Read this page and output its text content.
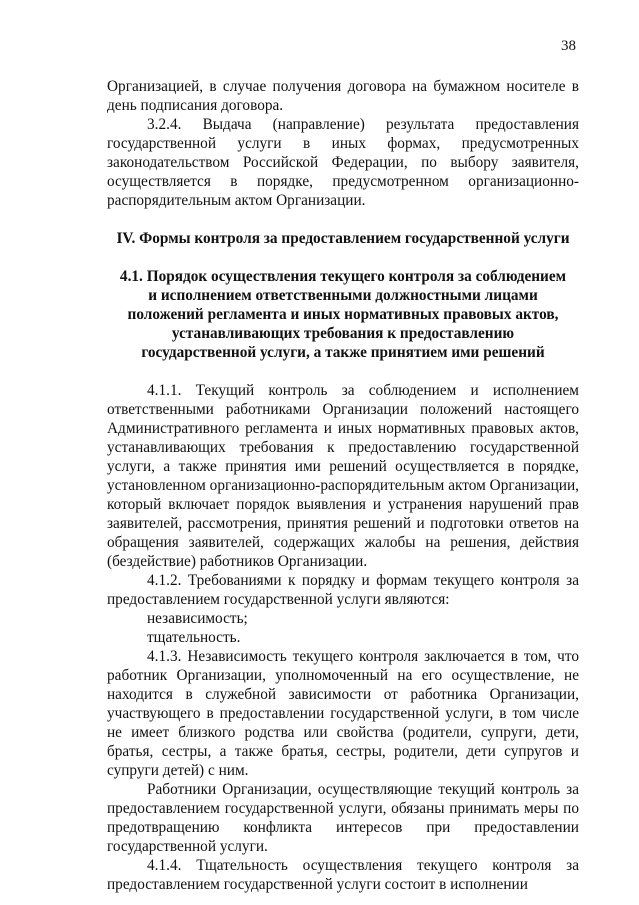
38

Организацией, в случае получения договора на бумажном носителе в день подписания договора.

3.2.4. Выдача (направление) результата предоставления государственной услуги в иных формах, предусмотренных законодательством Российской Федерации, по выбору заявителя, осуществляется в порядке, предусмотренном организационно-распорядительным актом Организации.

IV. Формы контроля за предоставлением государственной услуги
4.1. Порядок осуществления текущего контроля за соблюдением и исполнением ответственными должностными лицами положений регламента и иных нормативных правовых актов, устанавливающих требования к предоставлению государственной услуги, а также принятием ими решений

4.1.1. Текущий контроль за соблюдением и исполнением ответственными работниками Организации положений настоящего Административного регламента и иных нормативных правовых актов, устанавливающих требования к предоставлению государственной услуги, а также принятия ими решений осуществляется в порядке, установленном организационно-распорядительным актом Организации, который включает порядок выявления и устранения нарушений прав заявителей, рассмотрения, принятия решений и подготовки ответов на обращения заявителей, содержащих жалобы на решения, действия (бездействие) работников Организации.

4.1.2. Требованиями к порядку и формам текущего контроля за предоставлением государственной услуги являются:

независимость;

тщательность.

4.1.3. Независимость текущего контроля заключается в том, что работник Организации, уполномоченный на его осуществление, не находится в служебной зависимости от работника Организации, участвующего в предоставлении государственной услуги, в том числе не имеет близкого родства или свойства (родители, супруги, дети, братья, сестры, а также братья, сестры, родители, дети супругов и супруги детей) с ним.

Работники Организации, осуществляющие текущий контроль за предоставлением государственной услуги, обязаны принимать меры по предотвращению конфликта интересов при предоставлении государственной услуги.

4.1.4. Тщательность осуществления текущего контроля за предоставлением государственной услуги состоит в исполнении
